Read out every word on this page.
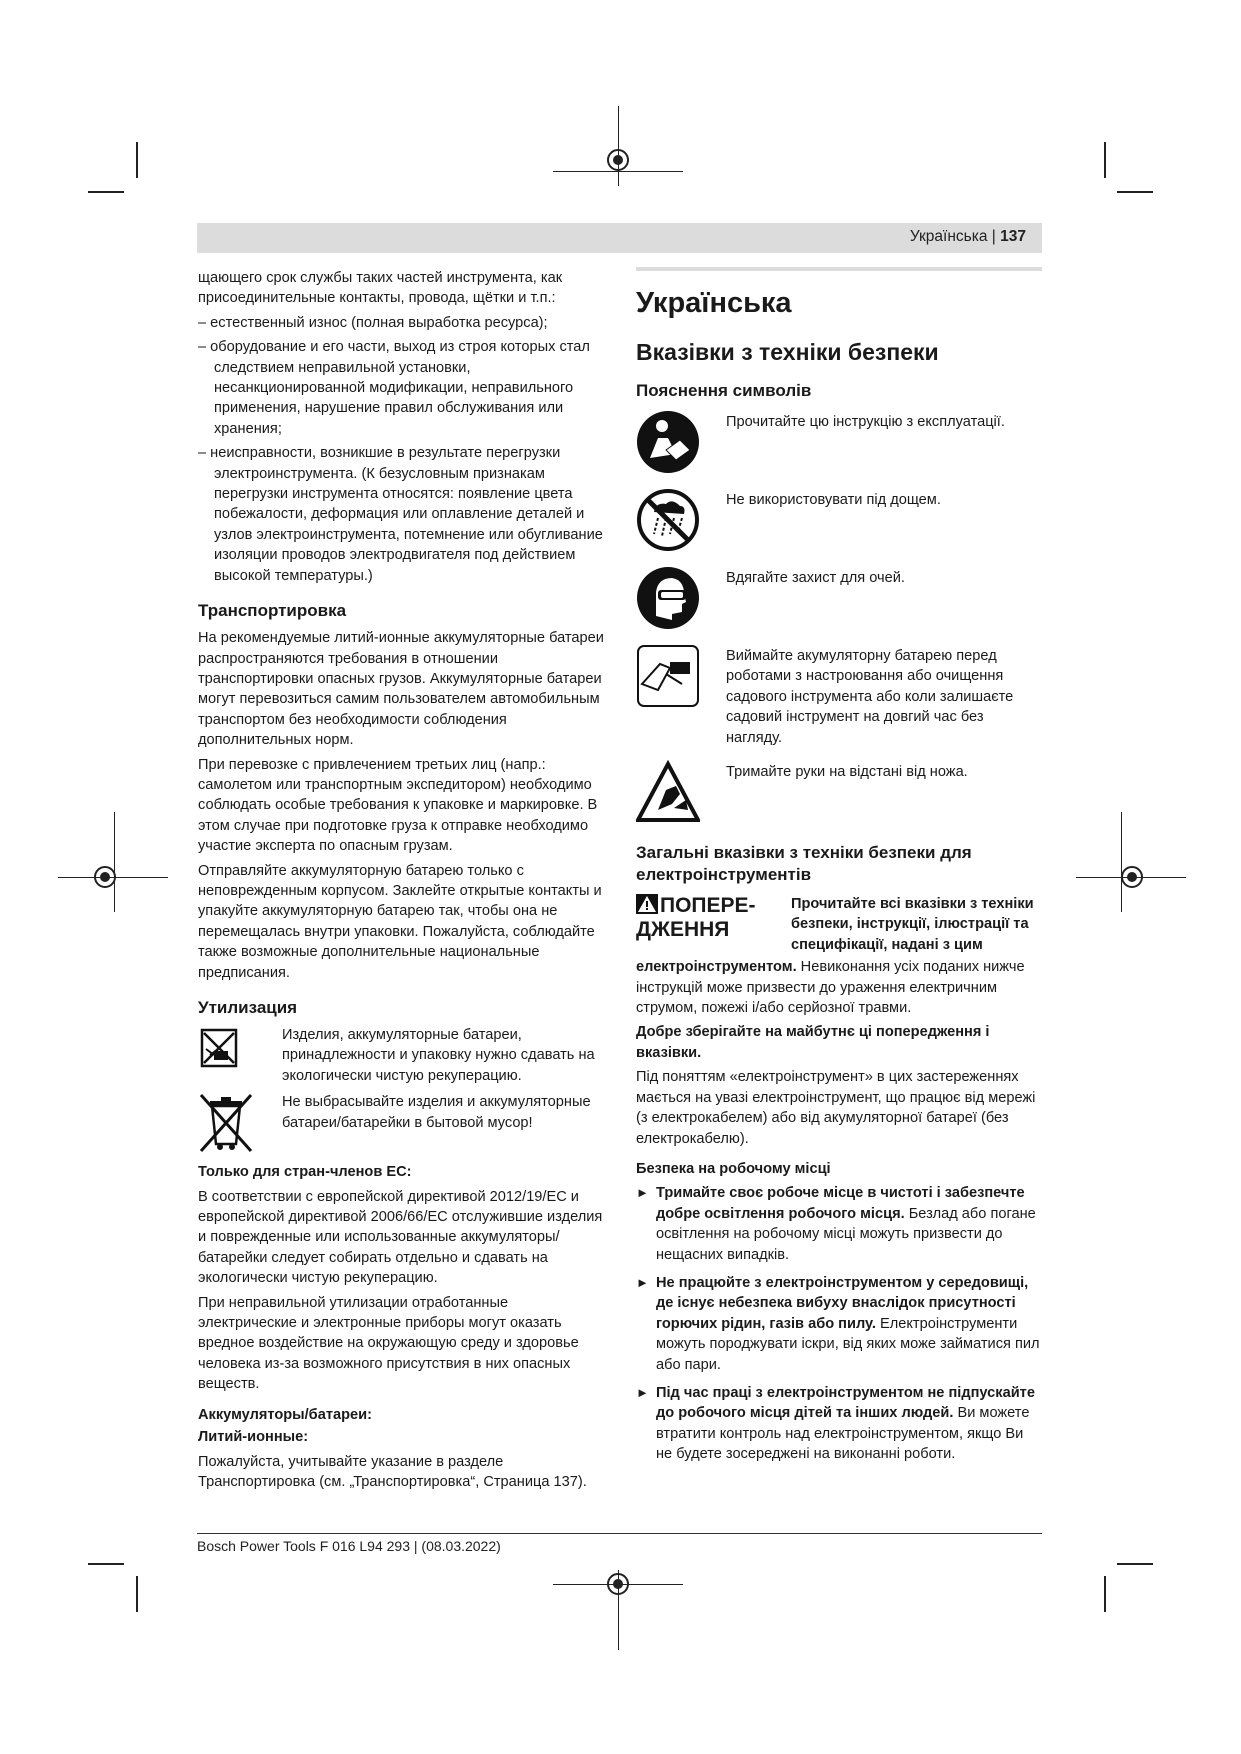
Українська | 137

щающего срок службы таких частей инструмента, как присоединительные контакты, провода, щётки и т.п.:

– естественный износ (полная выработка ресурса);

– оборудование и его части, выход из строя которых стал следствием неправильной установки, несанкционированной модификации, неправильного применения, нарушение правил обслуживания или хранения;

– неисправности, возникшие в результате перегрузки электроинструмента. (К безусловным признакам перегрузки инструмента относятся: появление цвета побежалости, деформация или оплавление деталей и узлов электроинструмента, потемнение или обугливание изоляции проводов электродвигателя под действием высокой температуры.)

Транспортировка

На рекомендуемые литий-ионные аккумуляторные батареи распространяются требования в отношении транспортировки опасных грузов. Аккумуляторные батареи могут перевозиться самим пользователем автомобильным транспортом без необходимости соблюдения дополнительных норм.

При перевозке с привлечением третьих лиц (напр.: самолетом или транспортным экспедитором) необходимо соблюдать особые требования к упаковке и маркировке. В этом случае при подготовке груза к отправке необходимо участие эксперта по опасным грузам.

Отправляйте аккумуляторную батарею только с неповрежденным корпусом. Заклейте открытые контакты и упакуйте аккумуляторную батарею так, чтобы она не перемещалась внутри упаковки. Пожалуйста, соблюдайте также возможные дополнительные национальные предписания.

Утилизация
Изделия, аккумуляторные батареи, принадлежности и упаковку нужно сдавать на экологически чистую рекуперацию.
Не выбрасывайте изделия и аккумуляторные батареи/батарейки в бытовой мусор!
Только для стран-членов ЕС:

В соответствии с европейской директивой 2012/19/EC и европейской директивой 2006/66/EC отслужившие изделия и поврежденные или использованные аккумуляторы/батарейки следует собирать отдельно и сдавать на экологически чистую рекуперацию.

При неправильной утилизации отработанные электрические и электронные приборы могут оказать вредное воздействие на окружающую среду и здоровье человека из-за возможного присутствия в них опасных веществ.

Аккумуляторы/батареи:
Литий-ионные:

Пожалуйста, учитывайте указание в разделе Транспортировка (см. „Транспортировка“, Страница 137).

Українська
Вказівки з техніки безпеки
Пояснення символів
Прочитайте цю інструкцію з експлуатації.
Не використовувати під дощем.
Вдягайте захист для очей.
Виймайте акумуляторну батарею перед роботами з настроювання або очищення садового інструмента або коли залишаєте садовий інструмент на довгий час без нагляду.
Тримайте руки на відстані від ножа.
Загальні вказівки з техніки безпеки для електроінструментів
ПОПЕРЕ-
ДЖЕННЯ
Прочитайте всі вказівки з техніки безпеки, інструкції, ілюстрації та специфікації, надані з цим

електроінструментом. Невиконання усіх поданих нижче інструкцій може призвести до ураження електричним струмом, пожежі і/або серйозної травми.

Добре зберігайте на майбутнє ці попередження і вказівки.

Під поняттям «електроінструмент» в цих застереженнях мається на увазі електроінструмент, що працює від мережі (з електрокабелем) або від акумуляторної батареї (без електрокабелю).

Безпека на робочому місці
► Тримайте своє робоче місце в чистоті і забезпечте добре освітлення робочого місця. Безлад або погане освітлення на робочому місці можуть призвести до нещасних випадків.
► Не працюйте з електроінструментом у середовищі, де існує небезпека вибуху внаслідок присутності горючих рідин, газів або пилу. Електроінструменти можуть породжувати іскри, від яких може займатися пил або пари.
► Під час праці з електроінструментом не підпускайте до робочого місця дітей та інших людей. Ви можете втратити контроль над електроінструментом, якщо Ви не будете зосереджені на виконанні роботи.
Bosch Power Tools F 016 L94 293 | (08.03.2022)
